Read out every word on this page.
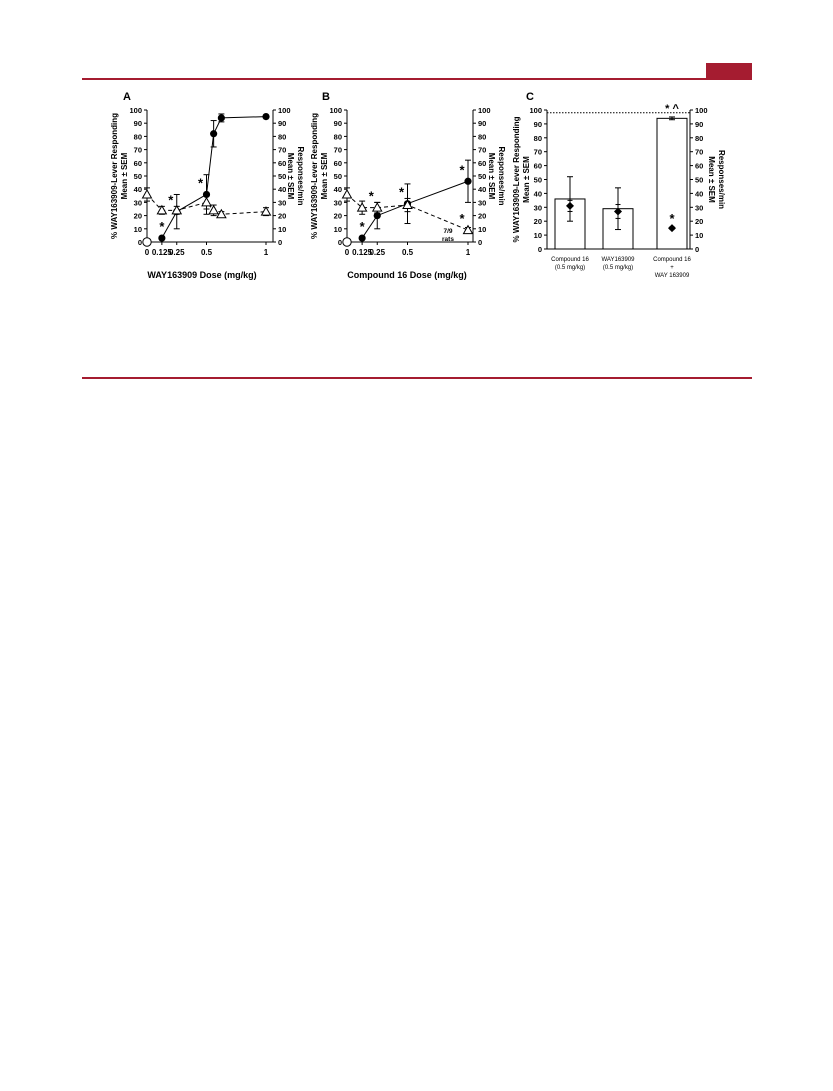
A
0
10
20
30
40
50
60
70
80
90
100
% WAY163909-Lever RespondingMean ± SEM
0
10
20
30
40
50
60
70
80
90
100
Responses/minMean ± SEM
0 0.125
0.25 0.5	1
*
*
*
WAY163909 Dose (mg/kg)
B
0
10
20
30
40
50
60
70
80
90
100
% WAY163909-Lever RespondingMean ± SEM
0
10
20
30
40
50
60
70
80
90
100
Responses/minMean ± SEM
0 0.125
0.25 0.5	1
*
*
*
*
*
7/9 rats
Compound 16 Dose (mg/kg)
C
0
10
20
30
40
50
60
70
80
90
100
% WAY163909-Lever RespondingMean ± SEM
0
10
20
30
40
50
60
70
80
90
100
Responses/minMean ± SEM
Compound 16 (0.5 mg/kg)
WAY163909 (0.5 mg/kg)
*
* ^
Compound 16 + WAY 163909
